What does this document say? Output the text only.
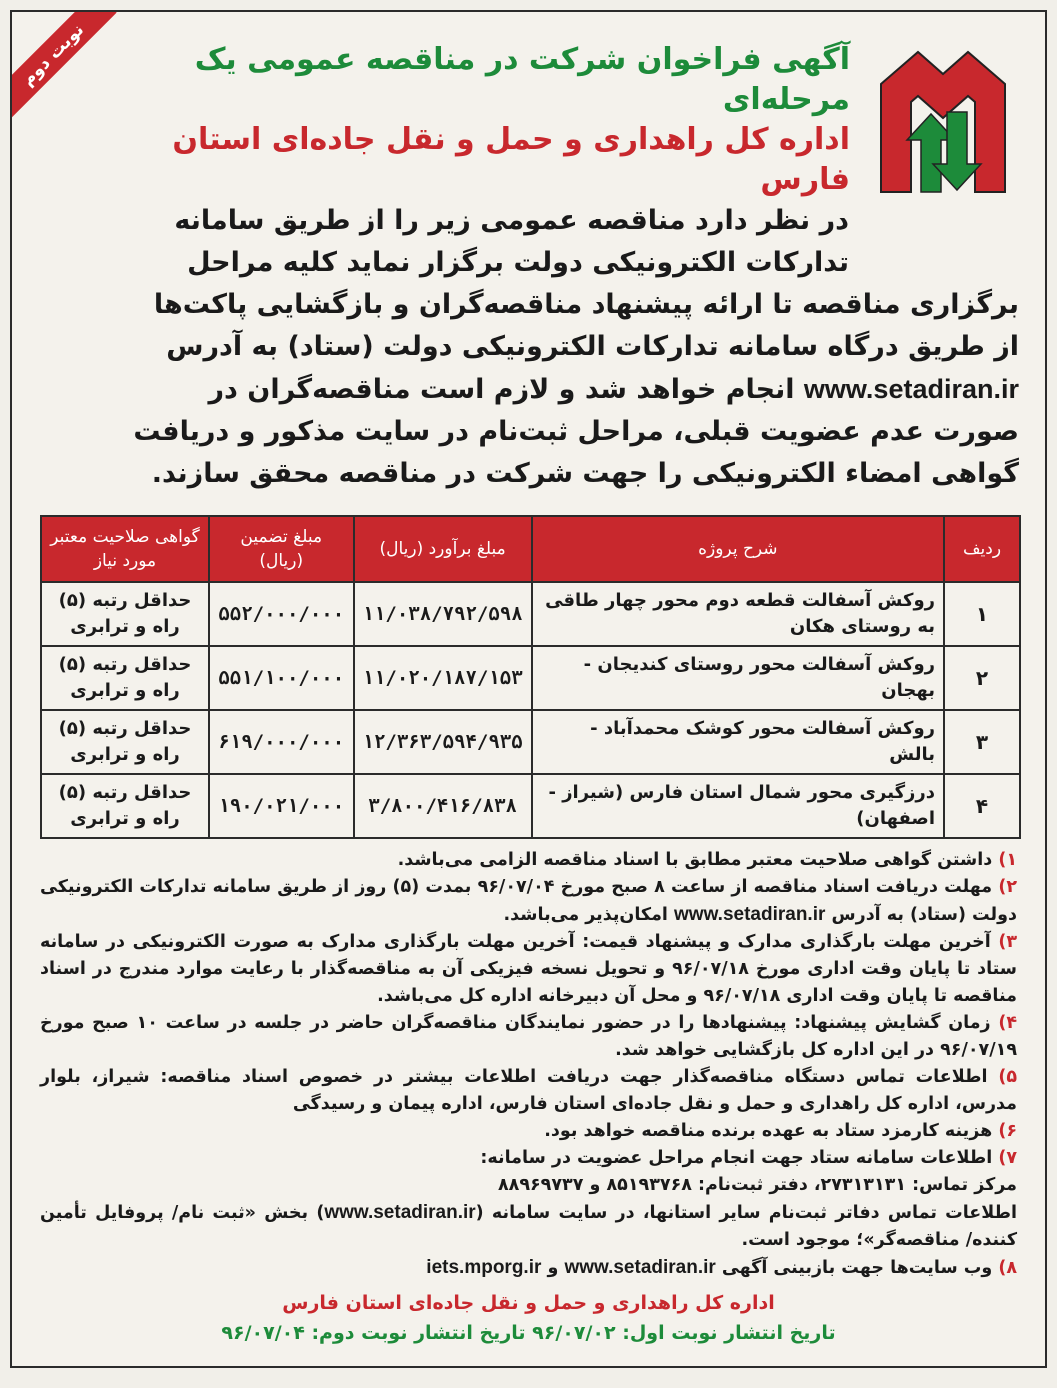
نوبت دوم	آگهی فراخوان شرکت در مناقصه عمومی یک مرحله‌ای

اداره کل راهداری و حمل و نقل جاده‌ای استان فارس

در نظر دارد مناقصه عمومی زیر را از طریق سامانه

تدارکات الکترونیکی دولت برگزار نماید کلیه مراحل

برگزاری مناقصه تا ارائه پیشنهاد مناقصه‌گران و بازگشایی پاکت‌ها

از طریق درگاه سامانه تدارکات الکترونیکی دولت (ستاد) به آدرس

www.setadiran.ir انجام خواهد شد و لازم است مناقصه‌گران در

صورت عدم عضویت قبلی، مراحل ثبت‌نام در سایت مذکور و دریافت

گواهی امضاء الکترونیکی را جهت شرکت در مناقصه محقق سازند.

ردیف	شرح پروژه	مبلغ برآورد (ریال)	مبلغ تضمین (ریال)	گواهی صلاحیت معتبر مورد نیاز
۱	روکش آسفالت قطعه دوم محور چهار طاقی به روستای هکان	۱۱/۰۳۸/۷۹۲/۵۹۸	۵۵۲/۰۰۰/۰۰۰	حداقل رتبه (۵) راه و ترابری
۲	روکش آسفالت محور روستای کندیجان - بهجان	۱۱/۰۲۰/۱۸۷/۱۵۳	۵۵۱/۱۰۰/۰۰۰	حداقل رتبه (۵) راه و ترابری
۳	روکش آسفالت محور کوشک محمدآباد - بالش	۱۲/۳۶۳/۵۹۴/۹۳۵	۶۱۹/۰۰۰/۰۰۰	حداقل رتبه (۵) راه و ترابری
۴	درزگیری محور شمال استان فارس (شیراز - اصفهان)	۳/۸۰۰/۴۱۶/۸۳۸	۱۹۰/۰۲۱/۰۰۰	حداقل رتبه (۵) راه و ترابری

۱) داشتن گواهی صلاحیت معتبر مطابق با اسناد مناقصه الزامی می‌باشد.

۲) مهلت دریافت اسناد مناقصه از ساعت ۸ صبح مورخ ۹۶/۰۷/۰۴ بمدت (۵) روز از طریق سامانه تدارکات الکترونیکی دولت (ستاد) به آدرس www.setadiran.ir امکان‌پذیر می‌باشد.

۳) آخرین مهلت بارگذاری مدارک و پیشنهاد قیمت: آخرین مهلت بارگذاری مدارک به صورت الکترونیکی در سامانه ستاد تا پایان وقت اداری مورخ ۹۶/۰۷/۱۸ و تحویل نسخه فیزیکی آن به مناقصه‌گذار با رعایت موارد مندرج در اسناد مناقصه تا پایان وقت اداری ۹۶/۰۷/۱۸ و محل آن دبیرخانه اداره کل می‌باشد.

۴) زمان گشایش پیشنهاد: پیشنهادها را در حضور نمایندگان مناقصه‌گران حاضر در جلسه در ساعت ۱۰ صبح مورخ ۹۶/۰۷/۱۹ در این اداره کل بازگشایی خواهد شد.

۵) اطلاعات تماس دستگاه مناقصه‌گذار جهت دریافت اطلاعات بیشتر در خصوص اسناد مناقصه: شیراز، بلوار مدرس، اداره کل راهداری و حمل و نقل جاده‌ای استان فارس، اداره پیمان و رسیدگی

۶) هزینه کارمزد ستاد به عهده برنده مناقصه خواهد بود.

۷) اطلاعات سامانه ستاد جهت انجام مراحل عضویت در سامانه:

مرکز تماس: ۲۷۳۱۳۱۳۱، دفتر ثبت‌نام: ۸۵۱۹۳۷۶۸ و ۸۸۹۶۹۷۳۷

اطلاعات تماس دفاتر ثبت‌نام سایر استانها، در سایت سامانه (www.setadiran.ir) بخش «ثبت نام/ پروفایل تأمین کننده/ مناقصه‌گر»؛ موجود است.

۸) وب سایت‌ها جهت بازبینی آگهی www.setadiran.ir و iets.mporg.ir

اداره کل راهداری و حمل و نقل جاده‌ای استان فارس

تاریخ انتشار نوبت اول: ۹۶/۰۷/۰۲ تاریخ انتشار نوبت دوم: ۹۶/۰۷/۰۴
